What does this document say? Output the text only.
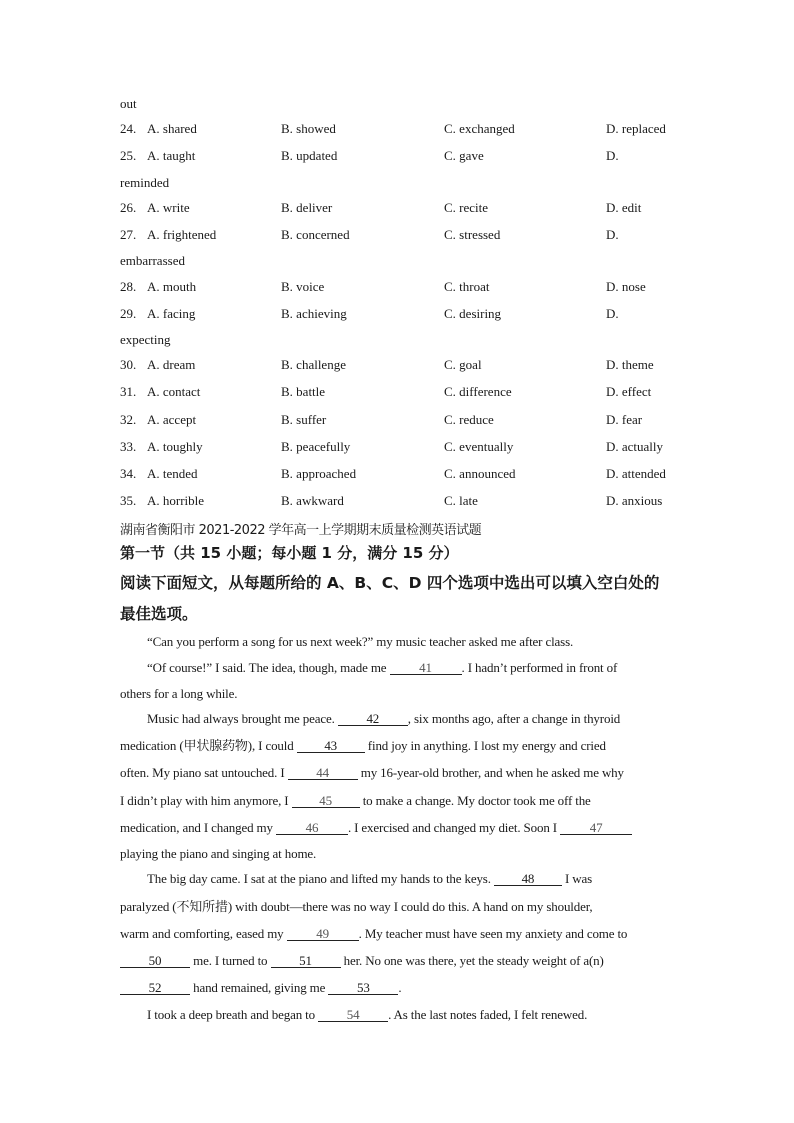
out
24. A. shared	B. showed	C. exchanged	D. replaced
25. A. taught	B. updated	C. gave	D.
reminded
26. A. write	B. deliver	C. recite	D. edit
27. A. frightened	B. concerned	C. stressed	D.
embarrassed
28. A. mouth	B. voice	C. throat	D. nose
29. A. facing	B. achieving	C. desiring	D.
expecting
30. A. dream	B. challenge	C. goal	D. theme
31. A. contact	B. battle	C. difference	D. effect
32. A. accept	B. suffer	C. reduce	D. fear
33. A. toughly	B. peacefully	C. eventually	D. actually
34. A. tended	B. approached	C. announced	D. attended
35. A. horrible	B. awkward	C. late	D. anxious
湖南省衡阳市 2021-2022 学年高一上学期期末质量检测英语试题
第一节（共 15 小题；每小题 1 分，满分 15 分）
阅读下面短文，从每题所给的 A、B、C、D 四个选项中选出可以填入空白处的
最佳选项。
“Can you perform a song for us next week?” my music teacher asked me after class.
“Of course!” I said. The idea, though, made me	41 . I hadn’t performed in front of
others for a long while.
Music had always brought me peace. 42 , six months ago, after a change in thyroid
medication (甲状腺药物), I could 43 find joy in anything. I lost my energy and cried
often. My piano sat untouched. I 44 my 16-year-old brother, and when he asked me why
I didn’t play with him anymore, I 45 to make a change. My doctor took me off the
medication, and I changed my	46 . I exercised and changed my diet. Soon I	47
playing the piano and singing at home.
The big day came. I sat at the piano and lifted my hands to the keys. 48 I was
paralyzed (不知所措) with doubt—there was no way I could do this. A hand on my shoulder,
warm and comforting, eased my	49 . My teacher must have seen my anxiety and come to
50 me. I turned to 51 her. No one was there, yet the steady weight of a(n)
52 hand remained, giving me 53 .
I took a deep breath and began to 54 . As the last notes faded, I felt renewed.
